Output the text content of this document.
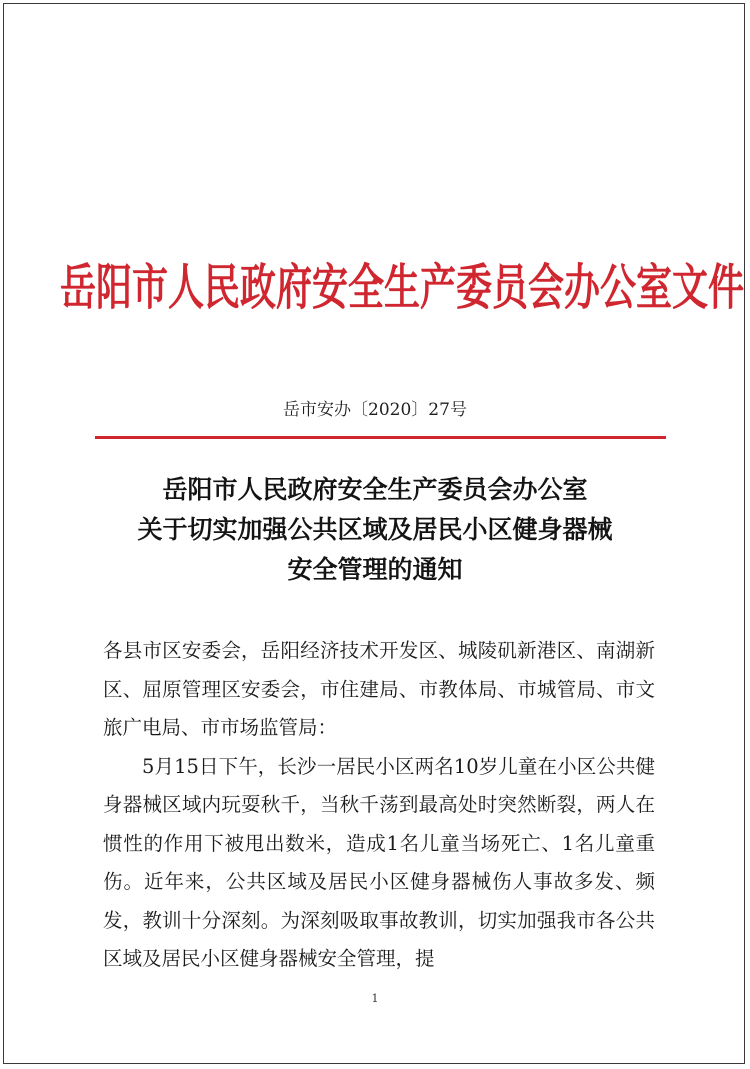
岳阳市人民政府安全生产委员会办公室文件
岳市安办〔2020〕27号
岳阳市人民政府安全生产委员会办公室
关于切实加强公共区域及居民小区健身器械
安全管理的通知

各县市区安委会，岳阳经济技术开发区、城陵矶新港区、南湖新区、屈原管理区安委会，市住建局、市教体局、市城管局、市文旅广电局、市市场监管局：

5月15日下午，长沙一居民小区两名10岁儿童在小区公共健身器械区域内玩耍秋千，当秋千荡到最高处时突然断裂，两人在惯性的作用下被甩出数米，造成1名儿童当场死亡、1名儿童重伤。近年来，公共区域及居民小区健身器械伤人事故多发、频发，教训十分深刻。为深刻吸取事故教训，切实加强我市各公共区域及居民小区健身器械安全管理，提

1
